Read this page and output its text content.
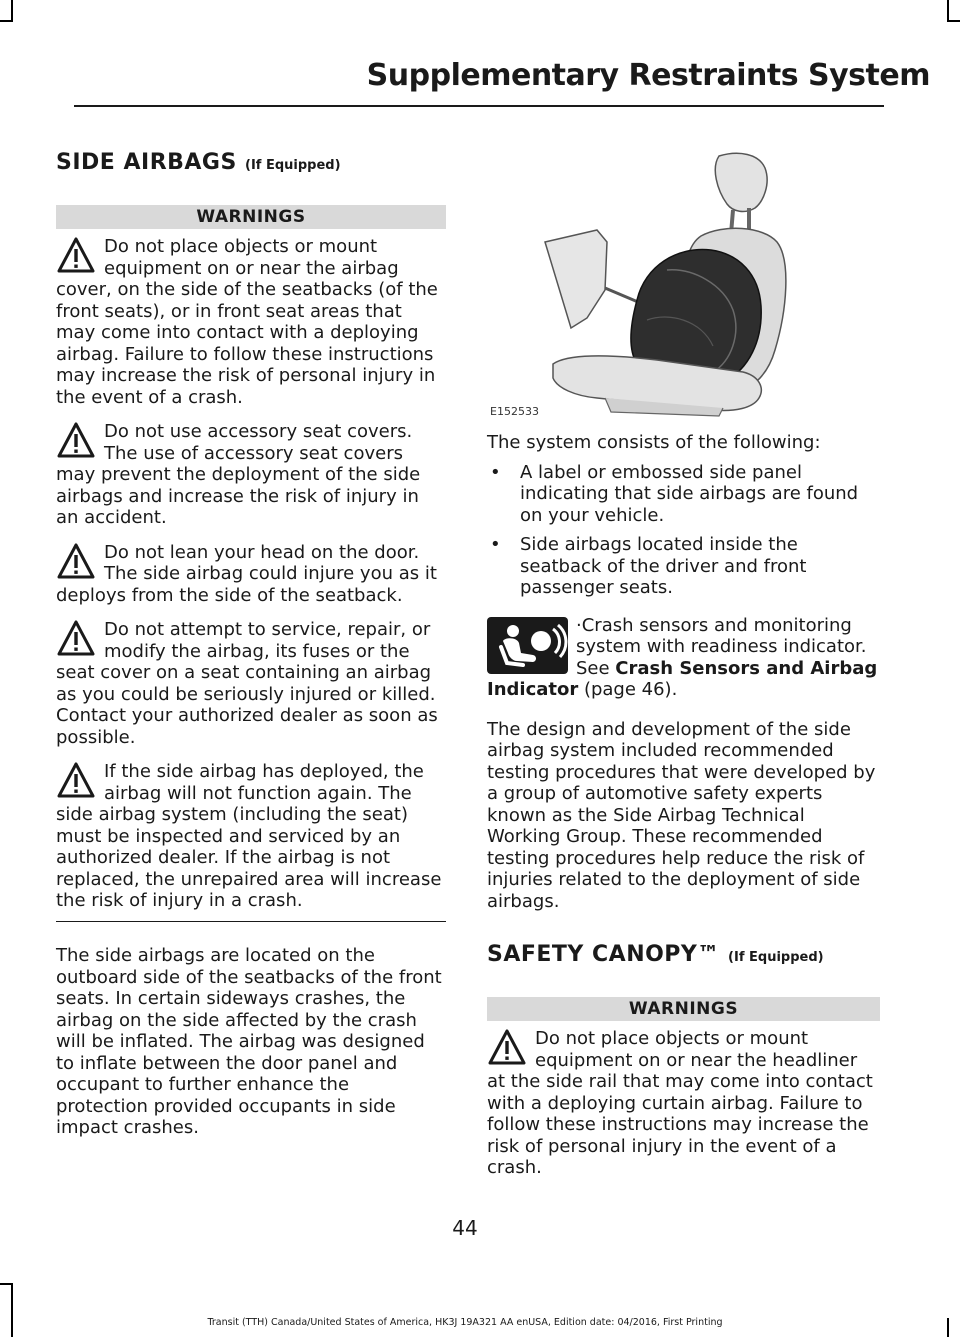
Supplementary Restraints System
SIDE AIRBAGS (If Equipped)
WARNINGS

Do not place objects or mount equipment on or near the airbag cover, on the side of the seatbacks (of the front seats), or in front seat areas that may come into contact with a deploying airbag. Failure to follow these instructions may increase the risk of personal injury in the event of a crash.

Do not use accessory seat covers. The use of accessory seat covers may prevent the deployment of the side airbags and increase the risk of injury in an accident.

Do not lean your head on the door. The side airbag could injure you as it deploys from the side of the seatback.

Do not attempt to service, repair, or modify the airbag, its fuses or the seat cover on a seat containing an airbag as you could be seriously injured or killed. Contact your authorized dealer as soon as possible.

If the side airbag has deployed, the airbag will not function again. The side airbag system (including the seat) must be inspected and serviced by an authorized dealer. If the airbag is not replaced, the unrepaired area will increase the risk of injury in a crash.

The side airbags are located on the outboard side of the seatbacks of the front seats. In certain sideways crashes, the airbag on the side affected by the crash will be inflated. The airbag was designed to inflate between the door panel and occupant to further enhance the protection provided occupants in side impact crashes.

E152533

The system consists of the following:

• A label or embossed side panel indicating that side airbags are found on your vehicle.
• Side airbags located inside the seatback of the driver and front passenger seats.
·Crash sensors and monitoring system with readiness indicator. See Crash Sensors and Airbag Indicator (page 46).

The design and development of the side airbag system included recommended testing procedures that were developed by a group of automotive safety experts known as the Side Airbag Technical Working Group. These recommended testing procedures help reduce the risk of injuries related to the deployment of side airbags.

SAFETY CANOPY™ (If Equipped)
WARNINGS

Do not place objects or mount equipment on or near the headliner at the side rail that may come into contact with a deploying curtain airbag. Failure to follow these instructions may increase the risk of personal injury in the event of a crash.

44
Transit (TTH) Canada/United States of America, HK3J 19A321 AA enUSA, Edition date: 04/2016, First Printing
